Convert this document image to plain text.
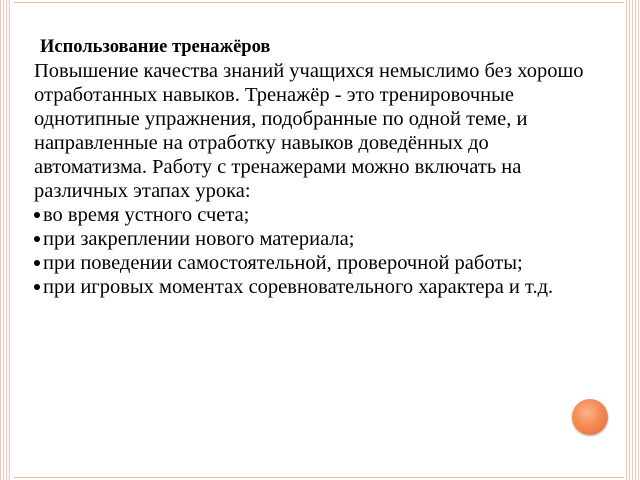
Использование тренажёров

Повышение качества знаний учащихся немыслимо без хорошо отработанных навыков. Тренажёр - это тренировочные однотипные упражнения, подобранные по одной теме, и направленные на отработку навыков доведённых до автоматизма. Работу с тренажерами можно включать на различных этапах урока:

во время устного счета;
при закреплении нового материала;
при поведении самостоятельной, проверочной работы;
при игровых моментах соревновательного характера и т.д.
